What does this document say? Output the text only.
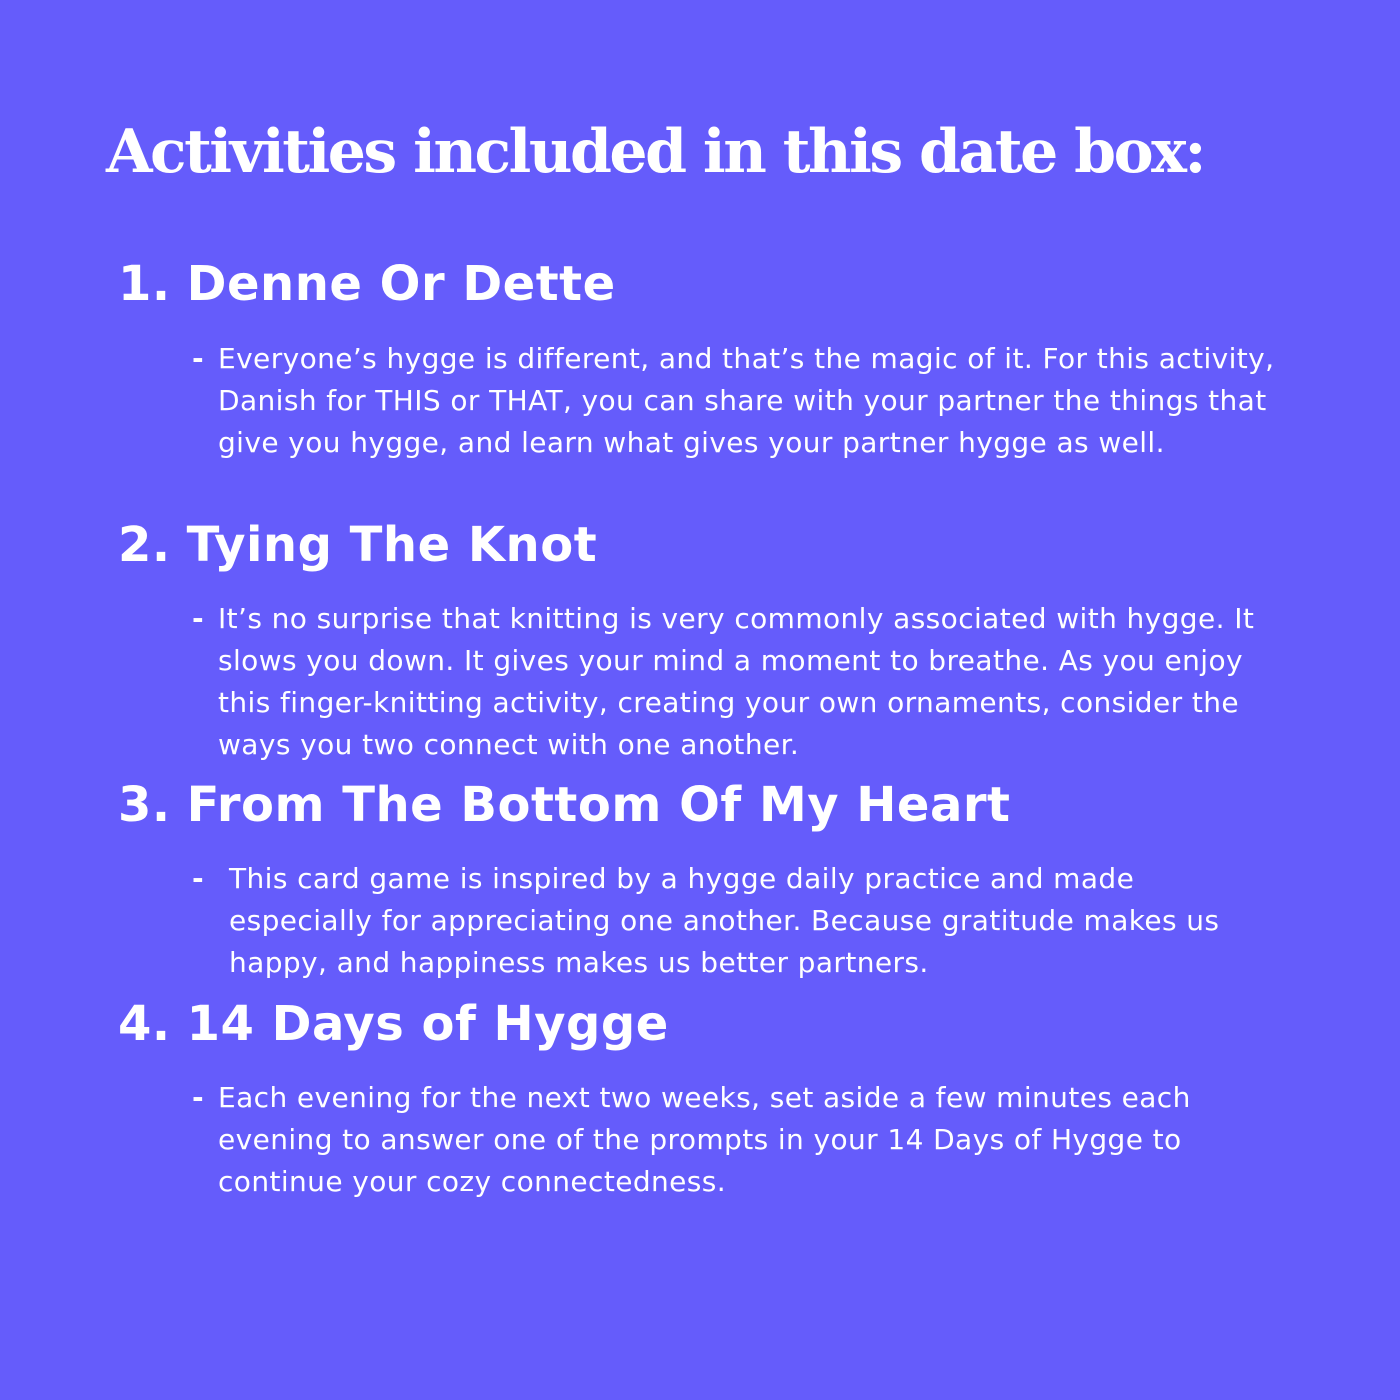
Activities included in this date box:
1. Denne Or Dette
- Everyone’s hygge is different, and that’s the magic of it. For this activity, Danish for THIS or THAT, you can share with your partner the things that give you hygge, and learn what gives your partner hygge as well.

2. Tying The Knot
- It’s no surprise that knitting is very commonly associated with hygge. It slows you down. It gives your mind a moment to breathe. As you enjoy this finger-knitting activity, creating your own ornaments, consider the ways you two connect with one another.

3. From The Bottom Of My Heart
- This card game is inspired by a hygge daily practice and made especially for appreciating one another. Because gratitude makes us happy, and happiness makes us better partners.

4. 14 Days of Hygge
- Each evening for the next two weeks, set aside a few minutes each evening to answer one of the prompts in your 14 Days of Hygge to continue your cozy connectedness.
